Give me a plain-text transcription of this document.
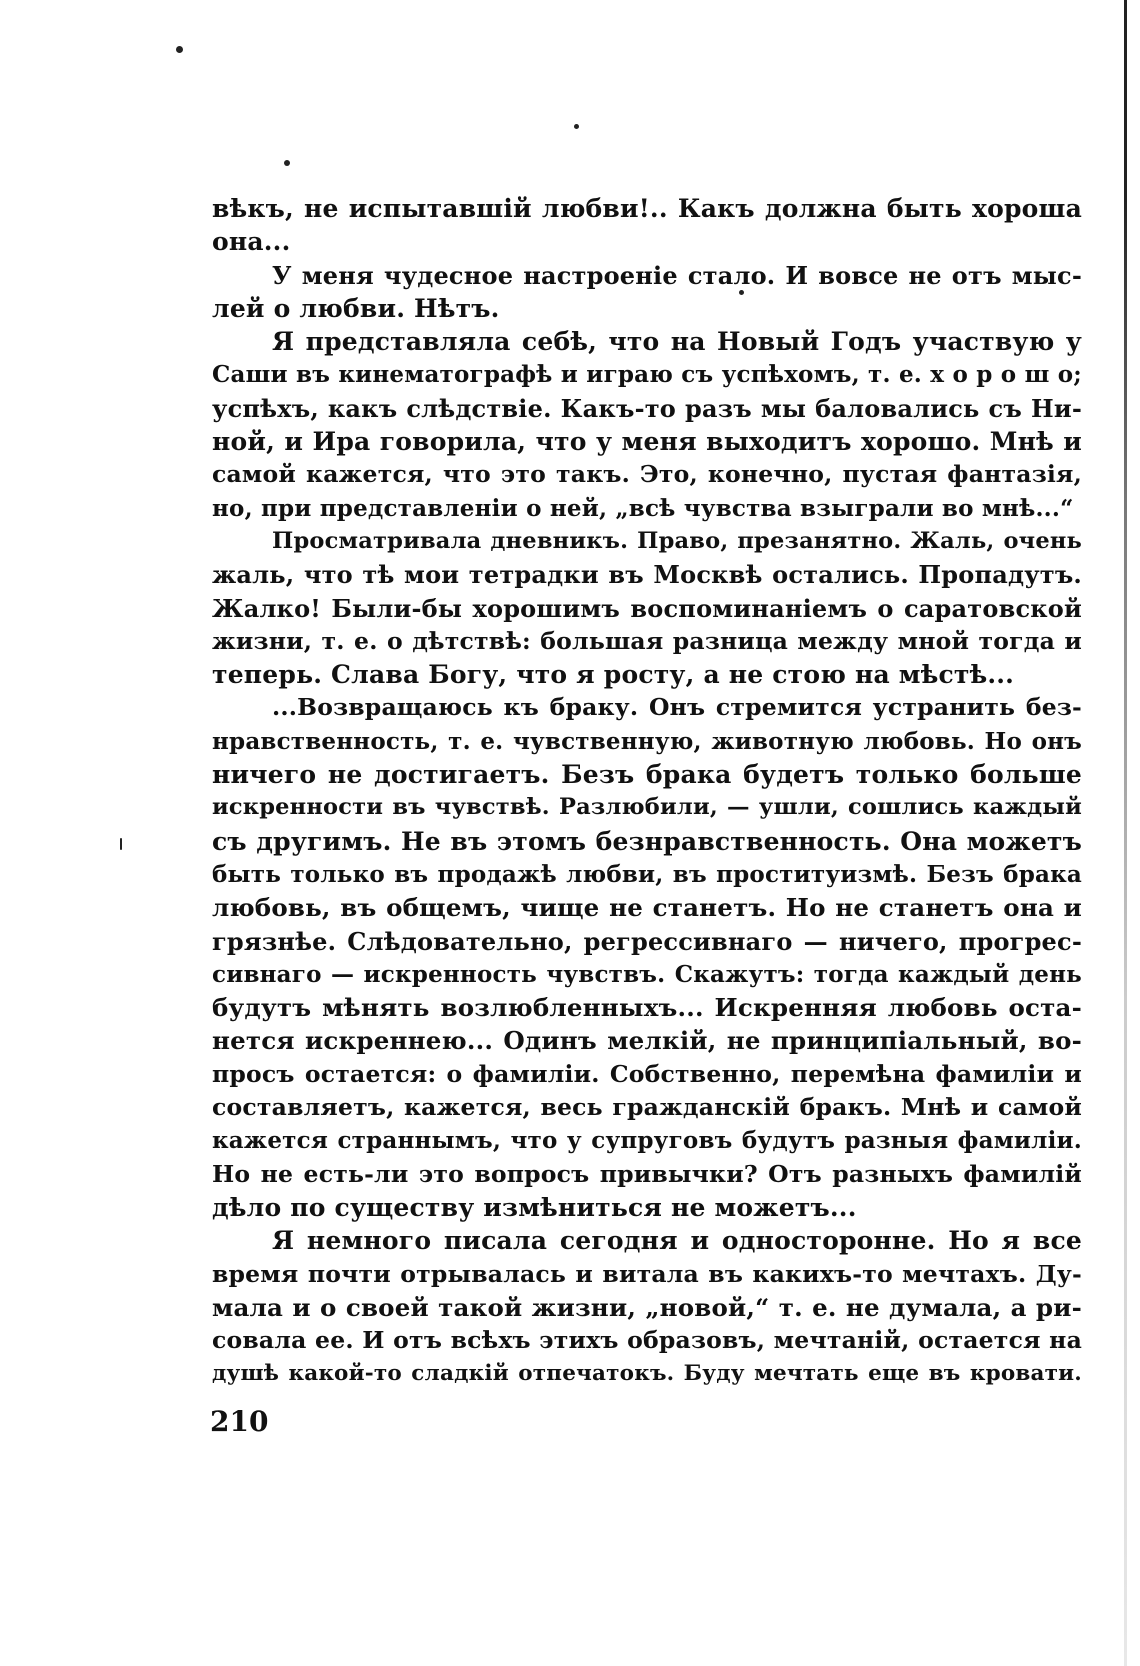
вѣкъ, не испытавшій любви!.. Какъ должна быть хороша
она...
У меня чудесное настроеніе стало. И вовсе не отъ мыс-
лей о любви. Нѣтъ.
Я представляла себѣ, что на Новый Годъ участвую у
Саши въ кинематографѣ и играю съ успѣхомъ, т. е. х о р о ш о;
успѣхъ, какъ слѣдствіе. Какъ-то разъ мы баловались съ Ни-
ной, и Ира говорила, что у меня выходитъ хорошо. Мнѣ и
самой кажется, что это такъ. Это, конечно, пустая фантазія,
но, при представленіи о ней, „всѣ чувства взыграли во мнѣ...“
Просматривала дневникъ. Право, презанятно. Жаль, очень
жаль, что тѣ мои тетрадки въ Москвѣ остались. Пропадутъ.
Жалко! Были-бы хорошимъ воспоминаніемъ о саратовской
жизни, т. е. о дѣтствѣ: большая разница между мной тогда и
теперь. Слава Богу, что я росту, а не стою на мѣстѣ...
...Возвращаюсь къ браку. Онъ стремится устранить без-
нравственность, т. е. чувственную, животную любовь. Но онъ
ничего не достигаетъ. Безъ брака будетъ только больше
искренности въ чувствѣ. Разлюбили, — ушли, сошлись каждый
съ другимъ. Не въ этомъ безнравственность. Она можетъ
быть только въ продажѣ любви, въ проституизмѣ. Безъ брака
любовь, въ общемъ, чище не станетъ. Но не станетъ она и
грязнѣе. Слѣдовательно, регрессивнаго — ничего, прогрес-
сивнаго — искренность чувствъ. Скажутъ: тогда каждый день
будутъ мѣнять возлюбленныхъ... Искренняя любовь оста-
нется искреннею... Одинъ мелкій, не принципіальный, во-
просъ остается: о фамиліи. Собственно, перемѣна фамиліи и
составляетъ, кажется, весь гражданскій бракъ. Мнѣ и самой
кажется страннымъ, что у супруговъ будутъ разныя фамиліи.
Но не есть-ли это вопросъ привычки? Отъ разныхъ фамилій
дѣло по существу измѣниться не можетъ...
Я немного писала сегодня и односторонне. Но я все
время почти отрывалась и витала въ какихъ-то мечтахъ. Ду-
мала и о своей такой жизни, „новой,“ т. е. не думала, а ри-
совала ее. И отъ всѣхъ этихъ образовъ, мечтаній, остается на
душѣ какой-то сладкій отпечатокъ. Буду мечтать еще въ кровати.
210
